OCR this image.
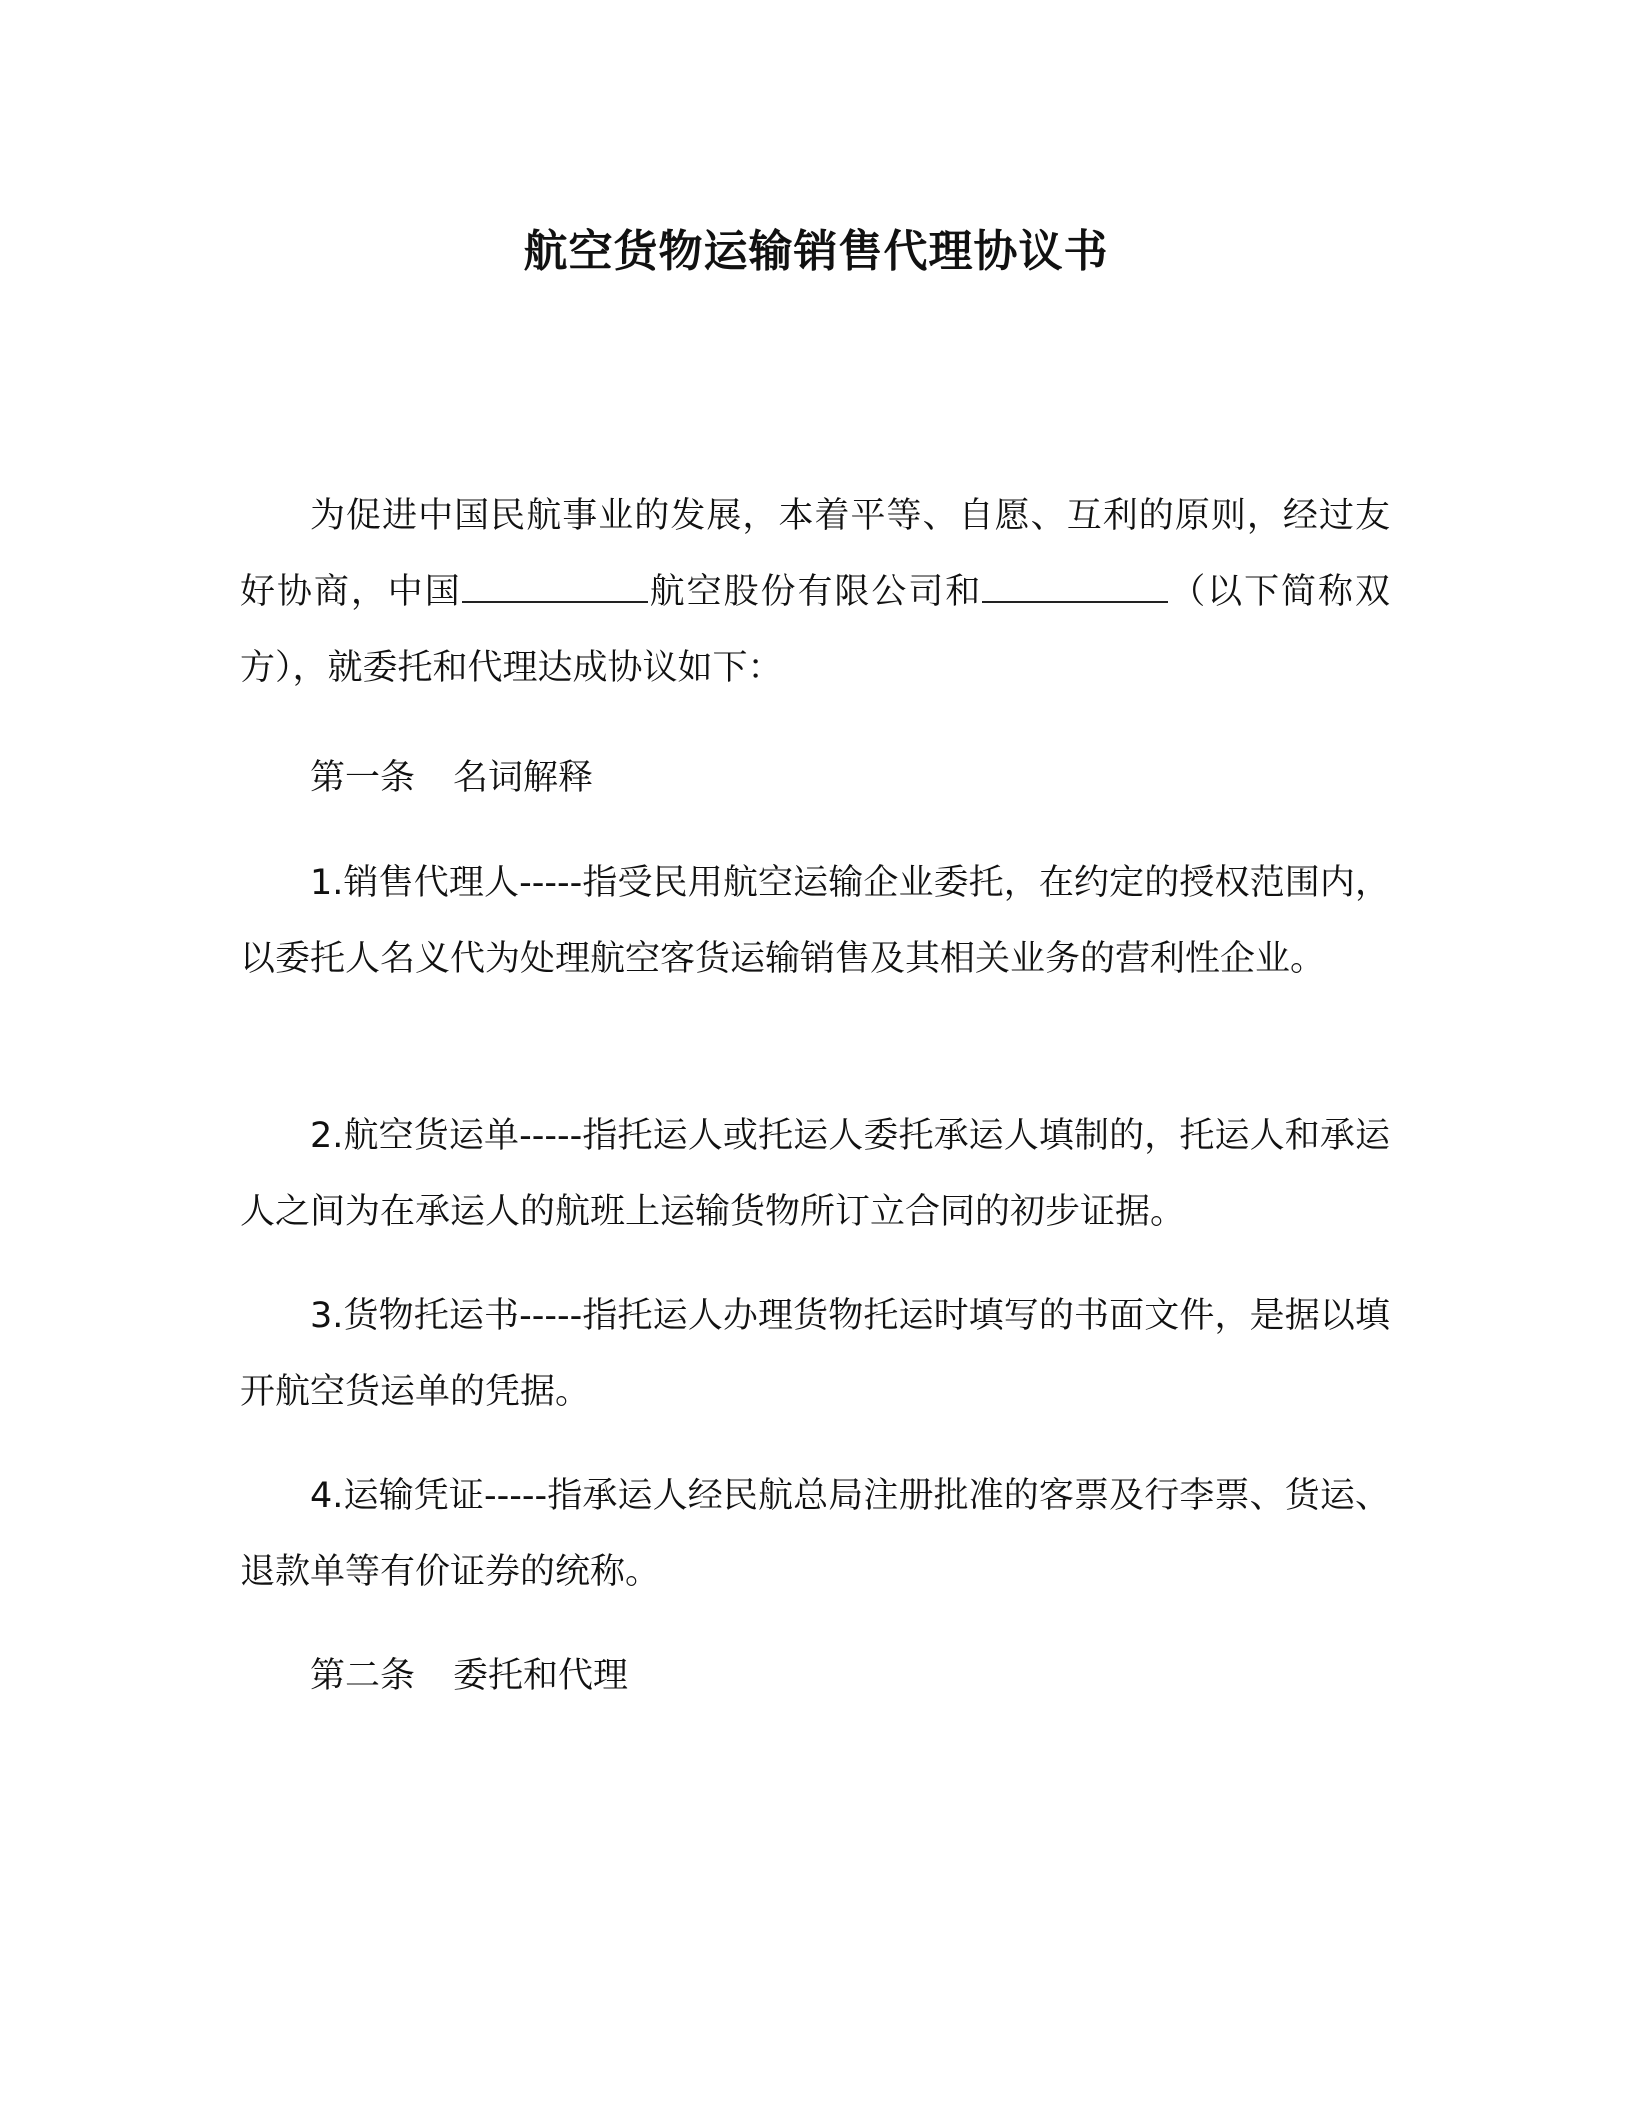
航空货物运输销售代理协议书

为促进中国民航事业的发展，本着平等、自愿、互利的原则，经过友好协商，中国	航空股份有限公司和	（以下简称双方），就委托和代理达成协议如下：

第一条 名词解释

1.销售代理人-----指受民用航空运输企业委托，在约定的授权范围内，以委托人名义代为处理航空客货运输销售及其相关业务的营利性企业。

2.航空货运单-----指托运人或托运人委托承运人填制的，托运人和承运人之间为在承运人的航班上运输货物所订立合同的初步证据。

3.货物托运书-----指托运人办理货物托运时填写的书面文件，是据以填开航空货运单的凭据。

4.运输凭证-----指承运人经民航总局注册批准的客票及行李票、货运、退款单等有价证券的统称。

第二条 委托和代理
